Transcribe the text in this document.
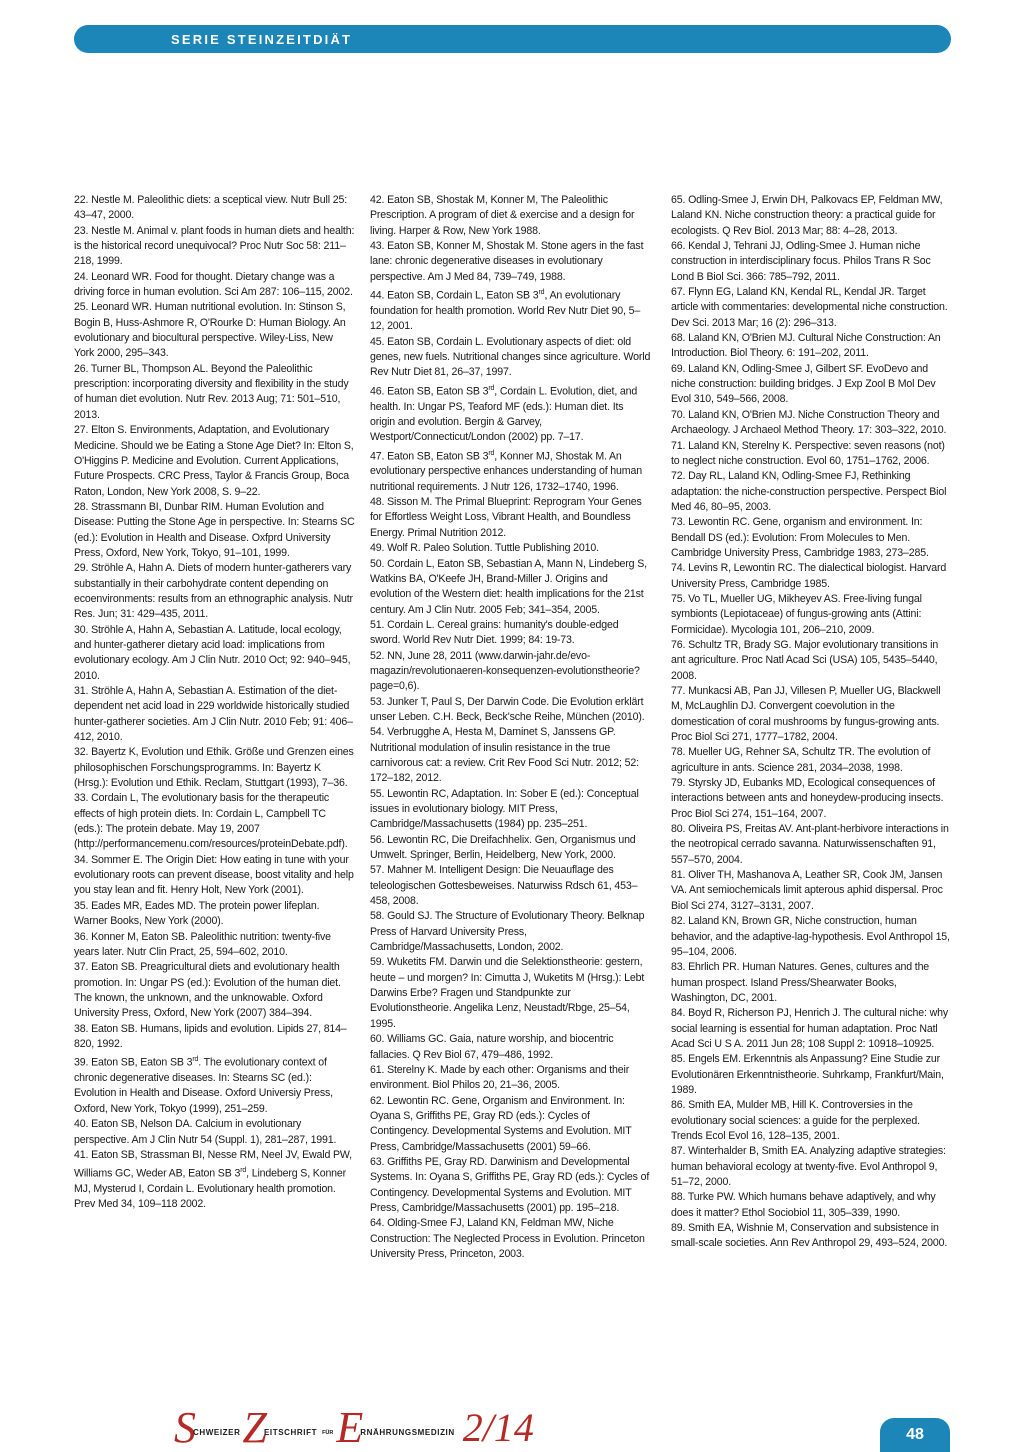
SERIE STEINZEITDIÄT

22. Nestle M. Paleolithic diets: a sceptical view. Nutr Bull 25: 43–47, 2000.

23. Nestle M. Animal v. plant foods in human diets and health: is the historical record unequivocal? Proc Nutr Soc 58: 211–218, 1999.

24. Leonard WR. Food for thought. Dietary change was a driving force in human evolution. Sci Am 287: 106–115, 2002.

25. Leonard WR. Human nutritional evolution. In: Stinson S, Bogin B, Huss-Ashmore R, O'Rourke D: Human Biology. An evolutionary and biocultural perspective. Wiley-Liss, New York 2000, 295–343.

26. Turner BL, Thompson AL. Beyond the Paleolithic prescription: incorporating diversity and flexibility in the study of human diet evolution. Nutr Rev. 2013 Aug; 71: 501–510, 2013.

27. Elton S. Environments, Adaptation, and Evolutionary Medicine. Should we be Eating a Stone Age Diet? In: Elton S, O'Higgins P. Medicine and Evolution. Current Applications, Future Prospects. CRC Press, Taylor & Francis Group, Boca Raton, London, New York 2008, S. 9–22.

28. Strassmann BI, Dunbar RIM. Human Evolution and Disease: Putting the Stone Age in perspective. In: Stearns SC (ed.): Evolution in Health and Disease. Oxfprd University Press, Oxford, New York, Tokyo, 91–101, 1999.

29. Ströhle A, Hahn A. Diets of modern hunter-gatherers vary substantially in their carbohydrate content depending on ecoenvironments: results from an ethnographic analysis. Nutr Res. Jun; 31: 429–435, 2011.

30. Ströhle A, Hahn A, Sebastian A. Latitude, local ecology, and hunter-gatherer dietary acid load: implications from evolutionary ecology. Am J Clin Nutr. 2010 Oct; 92: 940–945, 2010.

31. Ströhle A, Hahn A, Sebastian A. Estimation of the diet-dependent net acid load in 229 worldwide historically studied hunter-gatherer societies. Am J Clin Nutr. 2010 Feb; 91: 406–412, 2010.

32. Bayertz K, Evolution und Ethik. Größe und Grenzen eines philosophischen Forschungsprogramms. In: Bayertz K (Hrsg.): Evolution und Ethik. Reclam, Stuttgart (1993), 7–36.

33. Cordain L, The evolutionary basis for the therapeutic effects of high protein diets. In: Cordain L, Campbell TC (eds.): The protein debate. May 19, 2007 (http://performancemenu.com/resources/proteinDebate.pdf).

34. Sommer E. The Origin Diet: How eating in tune with your evolutionary roots can prevent disease, boost vitality and help you stay lean and fit. Henry Holt, New York (2001).

35. Eades MR, Eades MD. The protein power lifeplan. Warner Books, New York (2000).

36. Konner M, Eaton SB. Paleolithic nutrition: twenty-five years later. Nutr Clin Pract, 25, 594–602, 2010.

37. Eaton SB. Preagricultural diets and evolutionary health promotion. In: Ungar PS (ed.): Evolution of the human diet. The known, the unknown, and the unknowable. Oxford University Press, Oxford, New York (2007) 384–394.

38. Eaton SB. Humans, lipids and evolution. Lipids 27, 814–820, 1992.

39. Eaton SB, Eaton SB 3rd. The evolutionary context of chronic degenerative diseases. In: Stearns SC (ed.): Evolution in Health and Disease. Oxford Universiy Press, Oxford, New York, Tokyo (1999), 251–259.

40. Eaton SB, Nelson DA. Calcium in evolutionary perspective. Am J Clin Nutr 54 (Suppl. 1), 281–287, 1991.

41. Eaton SB, Strassman BI, Nesse RM, Neel JV, Ewald PW, Williams GC, Weder AB, Eaton SB 3rd, Lindeberg S, Konner MJ, Mysterud I, Cordain L. Evolutionary health promotion. Prev Med 34, 109–118 2002.

42. Eaton SB, Shostak M, Konner M, The Paleolithic Prescription. A program of diet & exercise and a design for living. Harper & Row, New York 1988.

43. Eaton SB, Konner M, Shostak M. Stone agers in the fast lane: chronic degenerative diseases in evolutionary perspective. Am J Med 84, 739–749, 1988.

44. Eaton SB, Cordain L, Eaton SB 3rd, An evolutionary foundation for health promotion. World Rev Nutr Diet 90, 5–12, 2001.

45. Eaton SB, Cordain L. Evolutionary aspects of diet: old genes, new fuels. Nutritional changes since agriculture. World Rev Nutr Diet 81, 26–37, 1997.

46. Eaton SB, Eaton SB 3rd, Cordain L. Evolution, diet, and health. In: Ungar PS, Teaford MF (eds.): Human diet. Its origin and evolution. Bergin & Garvey, Westport/Connecticut/London (2002) pp. 7–17.

47. Eaton SB, Eaton SB 3rd, Konner MJ, Shostak M. An evolutionary perspective enhances understanding of human nutritional requirements. J Nutr 126, 1732–1740, 1996.

48. Sisson M. The Primal Blueprint: Reprogram Your Genes for Effortless Weight Loss, Vibrant Health, and Boundless Energy. Primal Nutrition 2012.

49. Wolf R. Paleo Solution. Tuttle Publishing 2010.

50. Cordain L, Eaton SB, Sebastian A, Mann N, Lindeberg S, Watkins BA, O'Keefe JH, Brand-Miller J. Origins and evolution of the Western diet: health implications for the 21st century. Am J Clin Nutr. 2005 Feb; 341–354, 2005.

51. Cordain L. Cereal grains: humanity's double-edged sword. World Rev Nutr Diet. 1999; 84: 19-73.

52. NN, June 28, 2011 (www.darwin-jahr.de/evo-magazin/revolutionaeren-konsequenzen-evolutionstheorie?page=0,6).

53. Junker T, Paul S, Der Darwin Code. Die Evolution erklärt unser Leben. C.H. Beck, Beck'sche Reihe, München (2010).

54. Verbrugghe A, Hesta M, Daminet S, Janssens GP. Nutritional modulation of insulin resistance in the true carnivorous cat: a review. Crit Rev Food Sci Nutr. 2012; 52: 172–182, 2012.

55. Lewontin RC, Adaptation. In: Sober E (ed.): Conceptual issues in evolutionary biology. MIT Press, Cambridge/Massachusetts (1984) pp. 235–251.

56. Lewontin RC, Die Dreifachhelix. Gen, Organismus und Umwelt. Springer, Berlin, Heidelberg, New York, 2000.

57. Mahner M. Intelligent Design: Die Neuauflage des teleologischen Gottesbeweises. Naturwiss Rdsch 61, 453–458, 2008.

58. Gould SJ. The Structure of Evolutionary Theory. Belknap Press of Harvard University Press, Cambridge/Massachusetts, London, 2002.

59. Wuketits FM. Darwin und die Selektionstheorie: gestern, heute – und morgen? In: Cimutta J, Wuketits M (Hrsg.): Lebt Darwins Erbe? Fragen und Standpunkte zur Evolutionstheorie. Angelika Lenz, Neustadt/Rbge, 25–54, 1995.

60. Williams GC. Gaia, nature worship, and biocentric fallacies. Q Rev Biol 67, 479–486, 1992.

61. Sterelny K. Made by each other: Organisms and their environment. Biol Philos 20, 21–36, 2005.

62. Lewontin RC. Gene, Organism and Environment. In: Oyana S, Griffiths PE, Gray RD (eds.): Cycles of Contingency. Developmental Systems and Evolution. MIT Press, Cambridge/Massachusetts (2001) 59–66.

63. Griffiths PE, Gray RD. Darwinism and Developmental Systems. In: Oyana S, Griffiths PE, Gray RD (eds.): Cycles of Contingency. Developmental Systems and Evolution. MIT Press, Cambridge/Massachusetts (2001) pp. 195–218.

64. Olding-Smee FJ, Laland KN, Feldman MW, Niche Construction: The Neglected Process in Evolution. Princeton University Press, Princeton, 2003.

65. Odling-Smee J, Erwin DH, Palkovacs EP, Feldman MW, Laland KN. Niche construction theory: a practical guide for ecologists. Q Rev Biol. 2013 Mar; 88: 4–28, 2013.

66. Kendal J, Tehrani JJ, Odling-Smee J. Human niche construction in interdisciplinary focus. Philos Trans R Soc Lond B Biol Sci. 366: 785–792, 2011.

67. Flynn EG, Laland KN, Kendal RL, Kendal JR. Target article with commentaries: developmental niche construction. Dev Sci. 2013 Mar; 16 (2): 296–313.

68. Laland KN, O'Brien MJ. Cultural Niche Construction: An Introduction. Biol Theory. 6: 191–202, 2011.

69. Laland KN, Odling-Smee J, Gilbert SF. EvoDevo and niche construction: building bridges. J Exp Zool B Mol Dev Evol 310, 549–566, 2008.

70. Laland KN, O'Brien MJ. Niche Construction Theory and Archaeology. J Archaeol Method Theory. 17: 303–322, 2010.

71. Laland KN, Sterelny K. Perspective: seven reasons (not) to neglect niche construction. Evol 60, 1751–1762, 2006.

72. Day RL, Laland KN, Odling-Smee FJ, Rethinking adaptation: the niche-construction perspective. Perspect Biol Med 46, 80–95, 2003.

73. Lewontin RC. Gene, organism and environment. In: Bendall DS (ed.): Evolution: From Molecules to Men. Cambridge University Press, Cambridge 1983, 273–285.

74. Levins R, Lewontin RC. The dialectical biologist. Harvard University Press, Cambridge 1985.

75. Vo TL, Mueller UG, Mikheyev AS. Free-living fungal symbionts (Lepiotaceae) of fungus-growing ants (Attini: Formicidae). Mycologia 101, 206–210, 2009.

76. Schultz TR, Brady SG. Major evolutionary transitions in ant agriculture. Proc Natl Acad Sci (USA) 105, 5435–5440, 2008.

77. Munkacsi AB, Pan JJ, Villesen P, Mueller UG, Blackwell M, McLaughlin DJ. Convergent coevolution in the domestication of coral mushrooms by fungus-growing ants. Proc Biol Sci 271, 1777–1782, 2004.

78. Mueller UG, Rehner SA, Schultz TR. The evolution of agriculture in ants. Science 281, 2034–2038, 1998.

79. Styrsky JD, Eubanks MD, Ecological consequences of interactions between ants and honeydew-producing insects. Proc Biol Sci 274, 151–164, 2007.

80. Oliveira PS, Freitas AV. Ant-plant-herbivore interactions in the neotropical cerrado savanna. Naturwissenschaften 91, 557–570, 2004.

81. Oliver TH, Mashanova A, Leather SR, Cook JM, Jansen VA. Ant semiochemicals limit apterous aphid dispersal. Proc Biol Sci 274, 3127–3131, 2007.

82. Laland KN, Brown GR, Niche construction, human behavior, and the adaptive-lag-hypothesis. Evol Anthropol 15, 95–104, 2006.

83. Ehrlich PR. Human Natures. Genes, cultures and the human prospect. Island Press/Shearwater Books, Washington, DC, 2001.

84. Boyd R, Richerson PJ, Henrich J. The cultural niche: why social learning is essential for human adaptation. Proc Natl Acad Sci U S A. 2011 Jun 28; 108 Suppl 2: 10918–10925.

85. Engels EM. Erkenntnis als Anpassung? Eine Studie zur Evolutionären Erkenntnistheorie. Suhrkamp, Frankfurt/Main, 1989.

86. Smith EA, Mulder MB, Hill K. Controversies in the evolutionary social sciences: a guide for the perplexed. Trends Ecol Evol 16, 128–135, 2001.

87. Winterhalder B, Smith EA. Analyzing adaptive strategies: human behavioral ecology at twenty-five. Evol Anthropol 9, 51–72, 2000.

88. Turke PW. Which humans behave adaptively, and why does it matter? Ethol Sociobiol 11, 305–339, 1990.

89. Smith EA, Wishnie M, Conservation and subsistence in small-scale societies. Ann Rev Anthropol 29, 493–524, 2000.

S
CHWEIZER Z
EITSCHRIFT FÜR E
RNÄHRUNGSMEDIZIN 2/14	48
